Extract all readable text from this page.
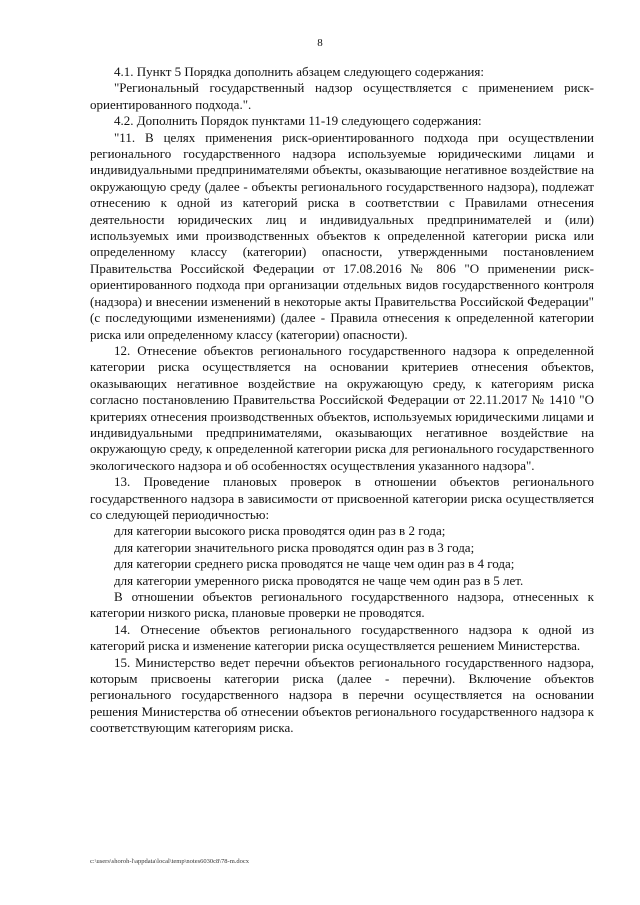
8

4.1. Пункт 5 Порядка дополнить абзацем следующего содержания:

"Региональный государственный надзор осуществляется с применением риск-ориентированного подхода.".

4.2. Дополнить Порядок пунктами 11-19 следующего содержания:

"11. В целях применения риск-ориентированного подхода при осуществлении регионального государственного надзора используемые юридическими лицами и индивидуальными предпринимателями объекты, оказывающие негативное воздействие на окружающую среду (далее - объекты регионального государственного надзора), подлежат отнесению к одной из категорий риска в соответствии с Правилами отнесения деятельности юридических лиц и индивидуальных предпринимателей и (или) используемых ими производственных объектов к определенной категории риска или определенному классу (категории) опасности, утвержденными постановлением Правительства Российской Федерации от 17.08.2016 № 806 "О применении риск-ориентированного подхода при организации отдельных видов государственного контроля (надзора) и внесении изменений в некоторые акты Правительства Российской Федерации" (с последующими изменениями) (далее - Правила отнесения к определенной категории риска или определенному классу (категории) опасности).

12. Отнесение объектов регионального государственного надзора к определенной категории риска осуществляется на основании критериев отнесения объектов, оказывающих негативное воздействие на окружающую среду, к категориям риска согласно постановлению Правительства Российской Федерации от 22.11.2017 № 1410 "О критериях отнесения производственных объектов, используемых юридическими лицами и индивидуальными предпринимателями, оказывающих негативное воздействие на окружающую среду, к определенной категории риска для регионального государственного экологического надзора и об особенностях осуществления указанного надзора".

13. Проведение плановых проверок в отношении объектов регионального государственного надзора в зависимости от присвоенной категории риска осуществляется со следующей периодичностью:

для категории высокого риска проводятся один раз в 2 года;

для категории значительного риска проводятся один раз в 3 года;

для категории среднего риска проводятся не чаще чем один раз в 4 года;

для категории умеренного риска проводятся не чаще чем один раз в 5 лет.

В отношении объектов регионального государственного надзора, отнесенных к категории низкого риска, плановые проверки не проводятся.

14. Отнесение объектов регионального государственного надзора к одной из категорий риска и изменение категории риска осуществляется решением Министерства.

15. Министерство ведет перечни объектов регионального государственного надзора, которым присвоены категории риска (далее - перечни). Включение объектов регионального государственного надзора в перечни осуществляется на основании решения Министерства об отнесении объектов регионального государственного надзора к соответствующим категориям риска.

c:\users\shoroh-l\appdata\local\temp\notes6030c8\78-m.docx
